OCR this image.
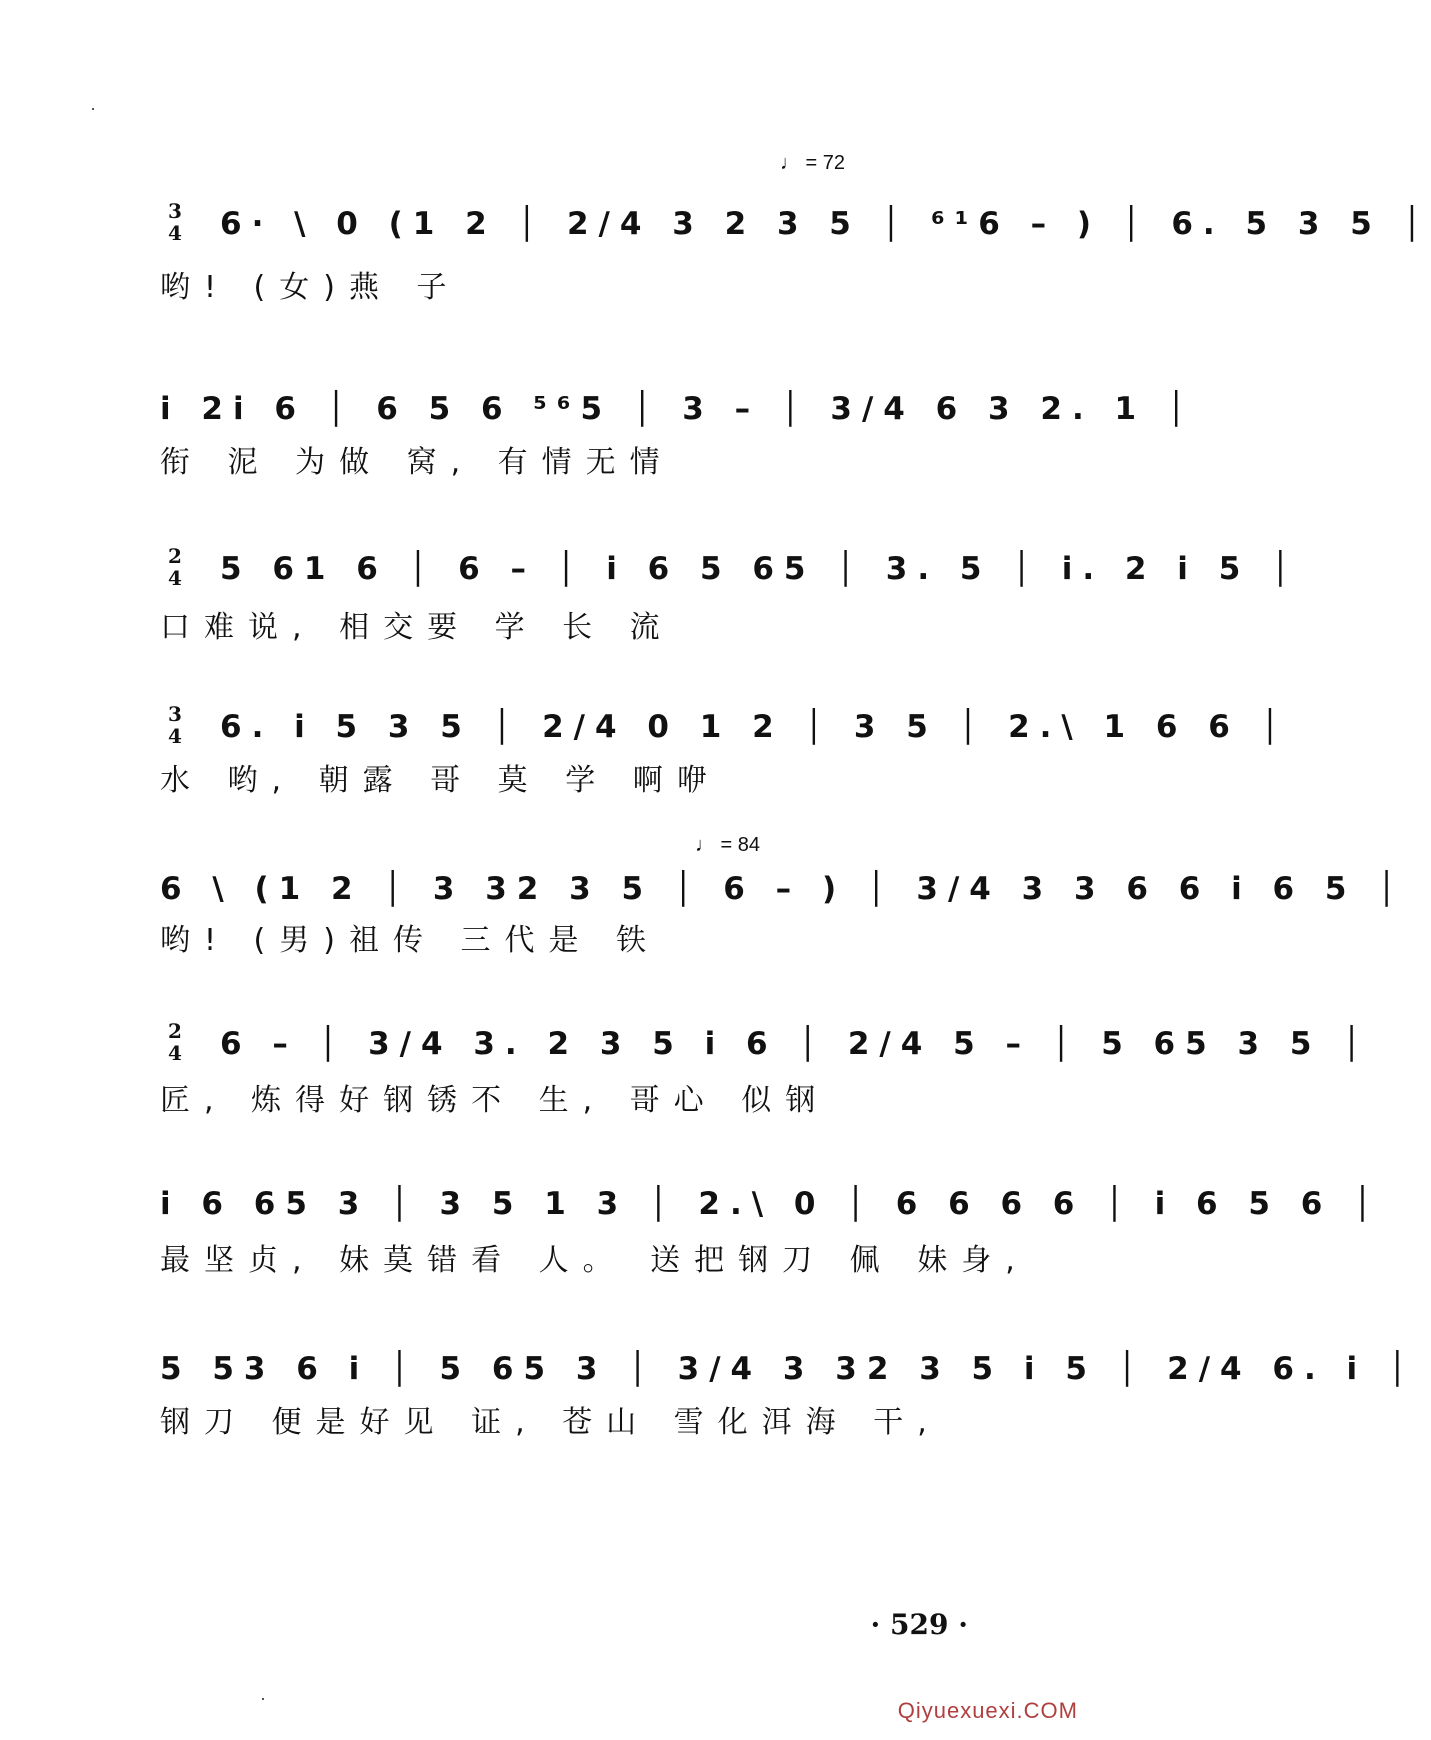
♩ = 72
3
4 6· \ 0 (1 2 │ 2/4 3 2 3 5 │ ⁶¹6 – ) │ 6. 5 3 5 │
哟! (女)燕 子
i 2i 6 │ 6 5 6 ⁵⁶5 │ 3 – │ 3/4 6 3 2. 1 │
衔 泥 为做 窝, 有情无情
2
4 5 61 6 │ 6 – │ i 6 5 65 │ 3. 5 │ i. 2 i 5 │
口难说, 相交要 学 长 流
3
4 6. i 5 3 5 │ 2/4 0 1 2 │ 3 5 │ 2.\ 1 6 6 │
水 哟, 朝露 哥 莫 学 啊咿
♩ = 84
6 \ (1 2 │ 3 32 3 5 │ 6 – ) │ 3/4 3 3 6 6 i 6 5 │
哟! (男)祖传 三代是 铁
2
4 6 – │ 3/4 3. 2 3 5 i 6 │ 2/4 5 – │ 5 65 3 5 │
匠, 炼得好钢锈不 生, 哥心 似钢
i 6 65 3 │ 3 5 1 3 │ 2.\ 0 │ 6 6 6 6 │ i 6 5 6 │
最坚贞, 妹莫错看 人。 送把钢刀 佩 妹身,
5 53 6 i │ 5 65 3 │ 3/4 3 32 3 5 i 5 │ 2/4 6. i │
钢刀 便是好见 证, 苍山 雪化洱海 干,
· 529 ·
Qiyuexuexi.COM
